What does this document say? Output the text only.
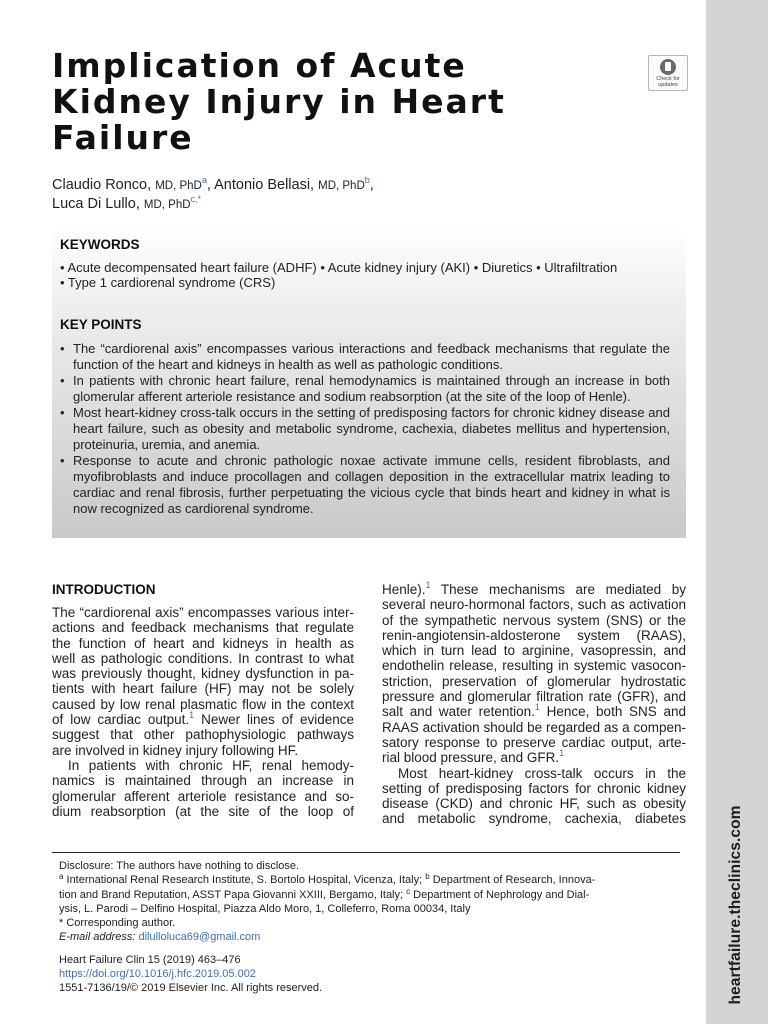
heartfailure.theclinics.com
Implication of Acute
Kidney Injury in Heart
Failure
Check for
updates
Claudio Ronco, MD, PhD$^a$, Antonio Bellasi, MD, PhD$^b$,
Luca Di Lullo, MD, PhD$^{c,*}$
KEYWORDS
• Acute decompensated heart failure (ADHF) • Acute kidney injury (AKI) • Diuretics • Ultrafiltration
• Type 1 cardiorenal syndrome (CRS)
KEY POINTS
• The “cardiorenal axis” encompasses various interactions and feedback mechanisms that regulate the function of the heart and kidneys in health as well as pathologic conditions.
• In patients with chronic heart failure, renal hemodynamics is maintained through an increase in both glomerular afferent arteriole resistance and sodium reabsorption (at the site of the loop of Henle).
• Most heart-kidney cross-talk occurs in the setting of predisposing factors for chronic kidney disease and heart failure, such as obesity and metabolic syndrome, cachexia, diabetes mellitus and hypertension, proteinuria, uremia, and anemia.
• Response to acute and chronic pathologic noxae activate immune cells, resident fibroblasts, and myofibroblasts and induce procollagen and collagen deposition in the extracellular matrix leading to cardiac and renal fibrosis, further perpetuating the vicious cycle that binds heart and kidney in what is now recognized as cardiorenal syndrome.
INTRODUCTION
The “cardiorenal axis” encompasses various inter-
actions and feedback mechanisms that regulate
the function of heart and kidneys in health as
well as pathologic conditions. In contrast to what
was previously thought, kidney dysfunction in pa-
tients with heart failure (HF) may not be solely
caused by low renal plasmatic flow in the context
of low cardiac output.$^1$ Newer lines of evidence
suggest that other pathophysiologic pathways
are involved in kidney injury following HF.
In patients with chronic HF, renal hemody-
namics is maintained through an increase in
glomerular afferent arteriole resistance and so-
dium reabsorption (at the site of the loop of
Henle).$^1$ These mechanisms are mediated by
several neuro-hormonal factors, such as activation
of the sympathetic nervous system (SNS) or the
renin-angiotensin-aldosterone system (RAAS),
which in turn lead to arginine, vasopressin, and
endothelin release, resulting in systemic vasocon-
striction, preservation of glomerular hydrostatic
pressure and glomerular filtration rate (GFR), and
salt and water retention.$^1$ Hence, both SNS and
RAAS activation should be regarded as a compen-
satory response to preserve cardiac output, arte-
rial blood pressure, and GFR.$^1$
Most heart-kidney cross-talk occurs in the
setting of predisposing factors for chronic kidney
disease (CKD) and chronic HF, such as obesity
and metabolic syndrome, cachexia, diabetes
Disclosure: The authors have nothing to disclose.
$^a$ International Renal Research Institute, S. Bortolo Hospital, Vicenza, Italy; $^b$ Department of Research, Innova-
tion and Brand Reputation, ASST Papa Giovanni XXIII, Bergamo, Italy; $^c$ Department of Nephrology and Dial-
ysis, L. Parodi – Delfino Hospital, Piazza Aldo Moro, 1, Colleferro, Roma 00034, Italy
* Corresponding author.
E-mail address: dilulloluca69@gmail.com
Heart Failure Clin 15 (2019) 463–476
https://doi.org/10.1016/j.hfc.2019.05.002
1551-7136/19/© 2019 Elsevier Inc. All rights reserved.
